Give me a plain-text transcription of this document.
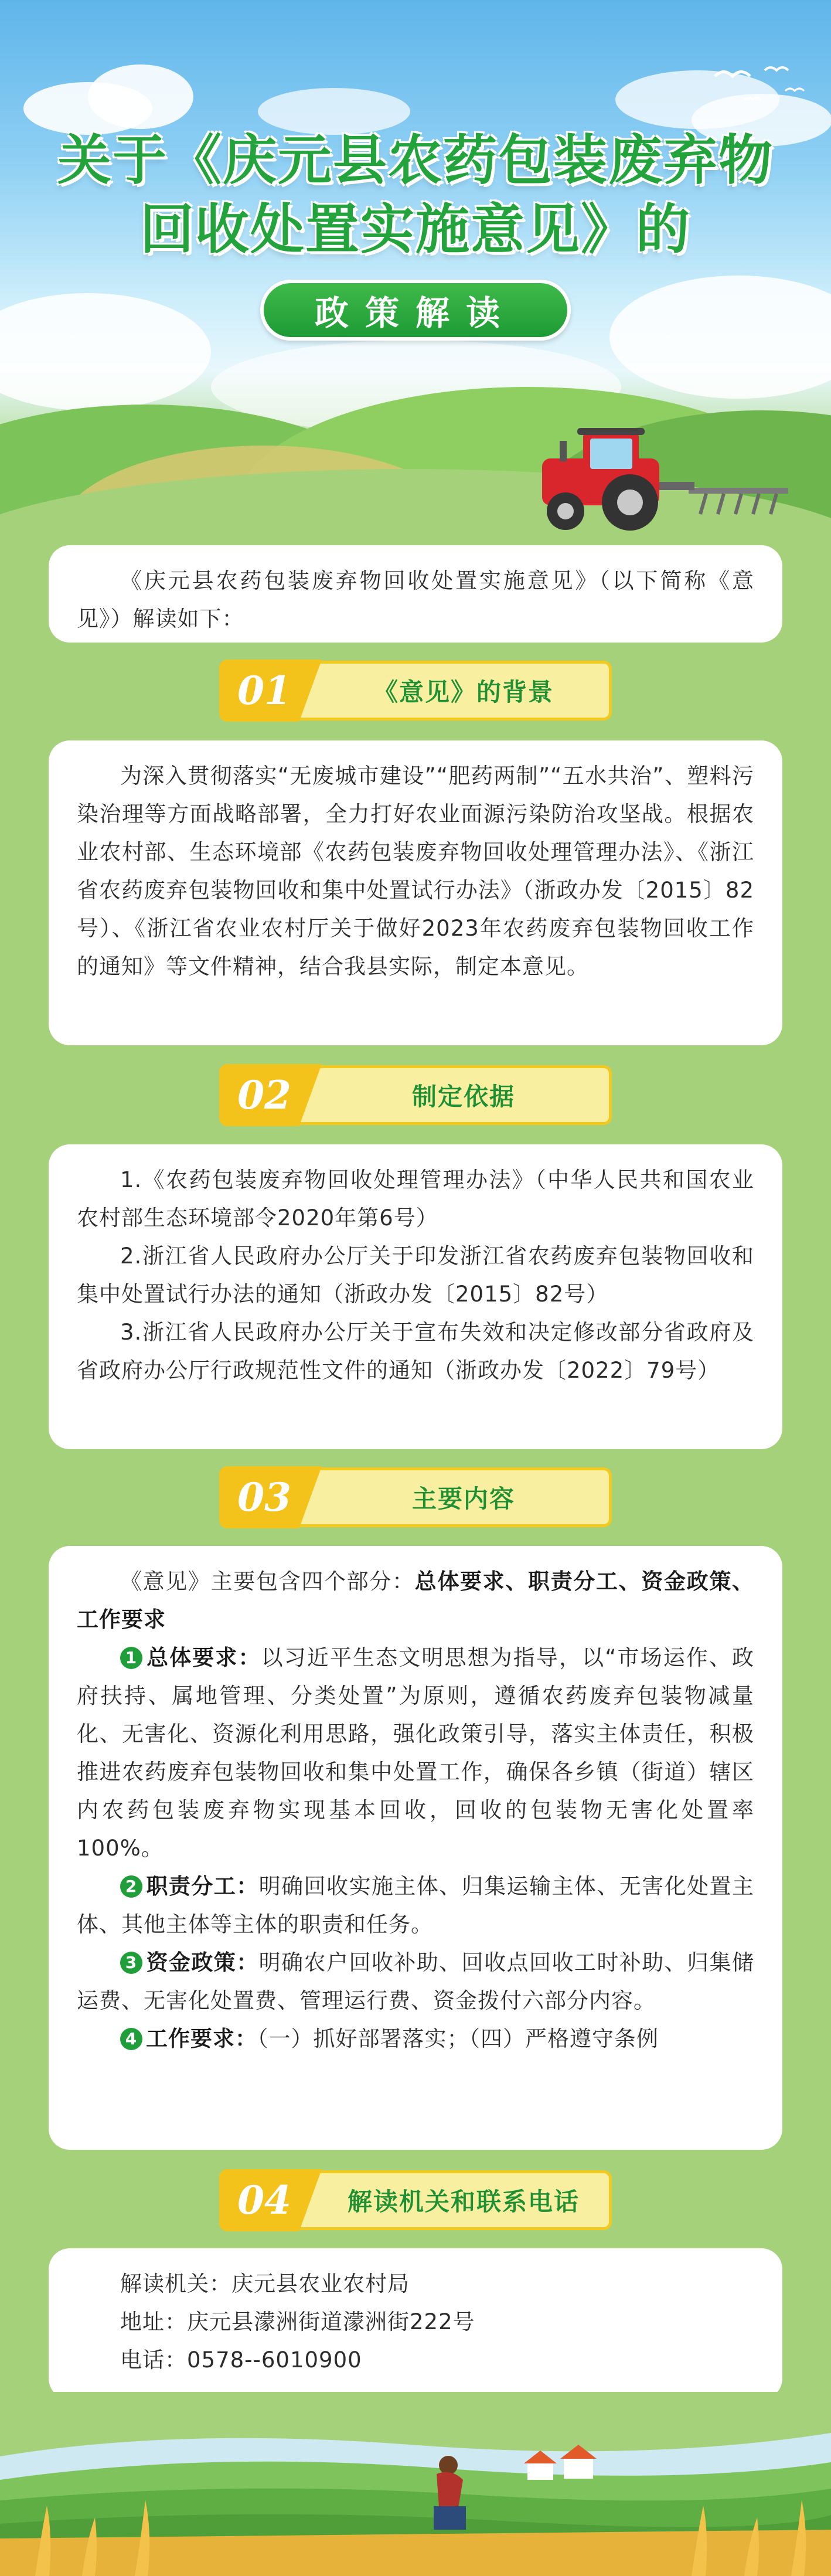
关于《庆元县农药包装废弃物
回收处置实施意见》的
政策解读

《庆元县农药包装废弃物回收处置实施意见》（以下简称《意见》）解读如下：

01	《意见》的背景

为深入贯彻落实“无废城市建设”“肥药两制”“五水共治”、塑料污染治理等方面战略部署，全力打好农业面源污染防治攻坚战。根据农业农村部、生态环境部《农药包装废弃物回收处理管理办法》、《浙江省农药废弃包装物回收和集中处置试行办法》（浙政办发〔2015〕82号）、《浙江省农业农村厅关于做好2023年农药废弃包装物回收工作的通知》等文件精神，结合我县实际，制定本意见。

02	制定依据

1.《农药包装废弃物回收处理管理办法》（中华人民共和国农业农村部生态环境部令2020年第6号）

2.浙江省人民政府办公厅关于印发浙江省农药废弃包装物回收和集中处置试行办法的通知（浙政办发〔2015〕82号）

3.浙江省人民政府办公厅关于宣布失效和决定修改部分省政府及省政府办公厅行政规范性文件的通知（浙政办发〔2022〕79号）

03	主要内容

《意见》主要包含四个部分：总体要求、职责分工、资金政策、工作要求

1 总体要求：以习近平生态文明思想为指导，以“市场运作、政府扶持、属地管理、分类处置”为原则，遵循农药废弃包装物减量化、无害化、资源化利用思路，强化政策引导，落实主体责任，积极推进农药废弃包装物回收和集中处置工作，确保各乡镇（街道）辖区内农药包装废弃物实现基本回收，回收的包装物无害化处置率100%。

2 职责分工：明确回收实施主体、归集运输主体、无害化处置主体、其他主体等主体的职责和任务。

3 资金政策：明确农户回收补助、回收点回收工时补助、归集储运费、无害化处置费、管理运行费、资金拨付六部分内容。

4 工作要求：（一）抓好部署落实；（四）严格遵守条例

04	解读机关和联系电话

解读机关：庆元县农业农村局

地址：庆元县濛洲街道濛洲街222号

电话：0578--6010900
